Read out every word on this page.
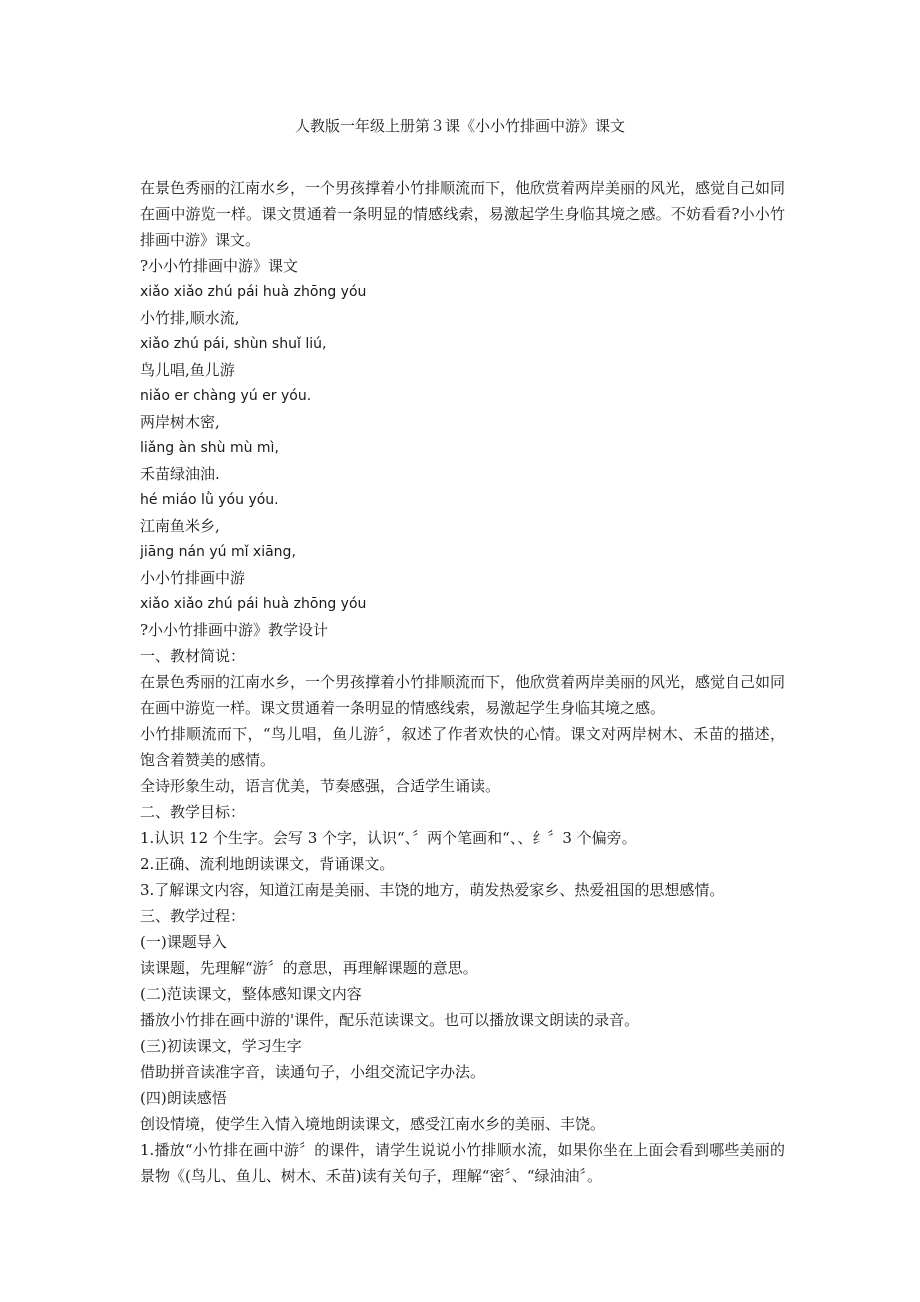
人教版一年级上册第３课《小小竹排画中游》课文

在景色秀丽的江南水乡，一个男孩撑着小竹排顺流而下，他欣赏着两岸美丽的风光，感觉自己如同在画中游览一样。课文贯通着一条明显的情感线索，易激起学生身临其境之感。不妨看看?小小竹排画中游》课文。

?小小竹排画中游》课文

xiǎo xiǎo zhú pái huà zhōng yóu

小竹排,顺水流,

xiǎo zhú pái, shùn shuǐ liú,

鸟儿唱,鱼儿游

niǎo er chàng yú er yóu.

两岸树木密,

liǎng àn shù mù mì,

禾苗绿油油.

hé miáo lǜ yóu yóu.

江南鱼米乡,

jiāng nán yú mǐ xiāng,

小小竹排画中游

xiǎo xiǎo zhú pái huà zhōng yóu

?小小竹排画中游》教学设计

一、教材简说：

在景色秀丽的江南水乡，一个男孩撑着小竹排顺流而下，他欣赏着两岸美丽的风光，感觉自己如同在画中游览一样。课文贯通着一条明显的情感线索，易激起学生身临其境之感。

小竹排顺流而下，“鸟儿唱，鱼儿游〞，叙述了作者欢快的心情。课文对两岸树木、禾苗的描述，饱含着赞美的感情。

全诗形象生动，语言优美，节奏感强，合适学生诵读。

二、教学目标：

1.认识 12 个生字。会写 3 个字，认识“、〞两个笔画和“、、纟〞3 个偏旁。

2.正确、流利地朗读课文，背诵课文。

3.了解课文内容，知道江南是美丽、丰饶的地方，萌发热爱家乡、热爱祖国的思想感情。

三、教学过程：

(一)课题导入

读课题，先理解“游〞的意思，再理解课题的意思。

(二)范读课文，整体感知课文内容

播放小竹排在画中游的'课件，配乐范读课文。也可以播放课文朗读的录音。

(三)初读课文，学习生字

借助拼音读准字音，读通句子，小组交流记字办法。

(四)朗读感悟

创设情境，使学生入情入境地朗读课文，感受江南水乡的美丽、丰饶。

1.播放“小竹排在画中游〞的课件，请学生说说小竹排顺水流，如果你坐在上面会看到哪些美丽的景物《(鸟儿、鱼儿、树木、禾苗)读有关句子，理解“密〞、“绿油油〞。
